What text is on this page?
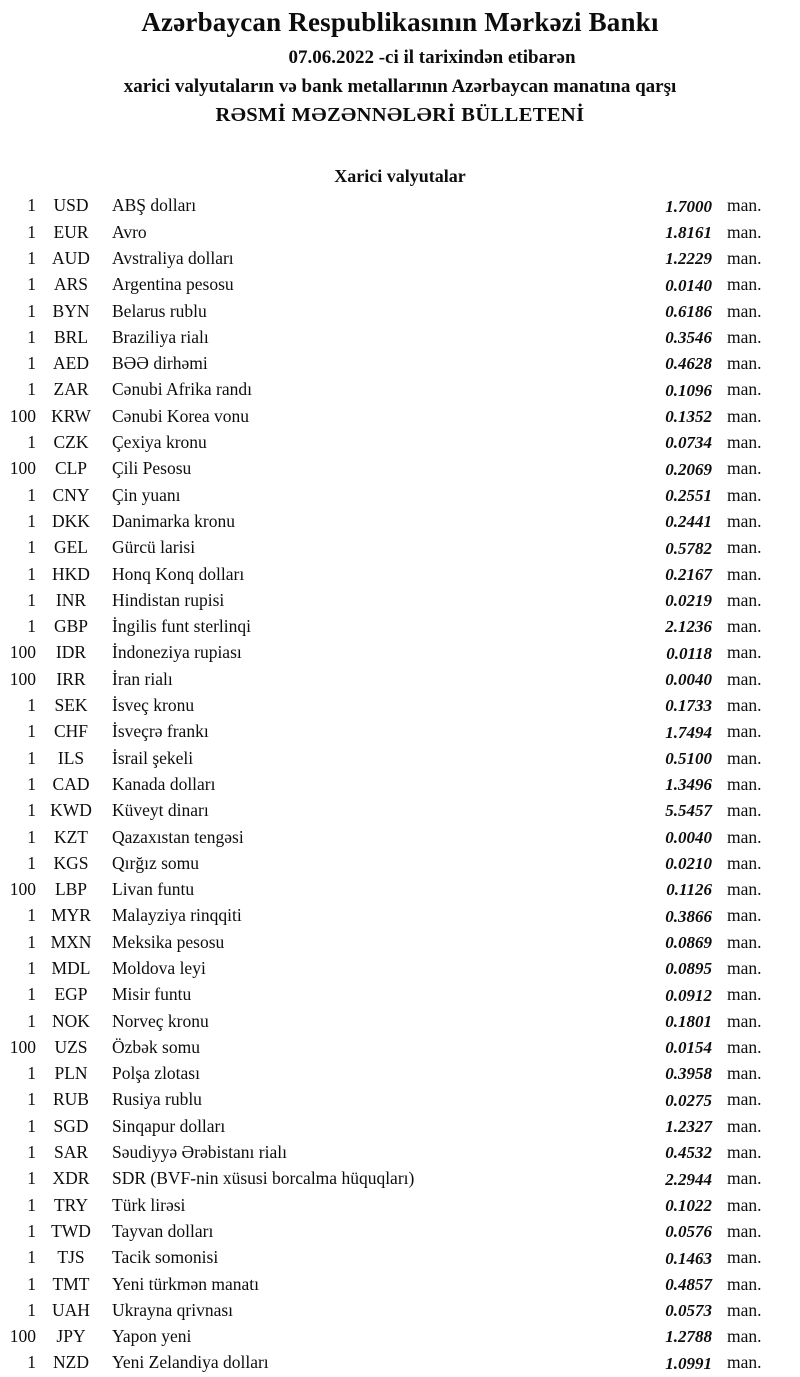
Azərbaycan Respublikasının Mərkəzi Bankı
07.06.2022 -ci il tarixindən etibarən
xarici valyutaların və bank metallarının Azərbaycan manatına qarşı
RƏSMİ MƏZƏNNƏLƏRİ BÜLLETENİ
Xarici valyutalar
1 USD	ABŞ dolları	1.7000 man.
1	EUR	Avro	1.8161 man.
1 AUD	Avstraliya dolları	1.2229 man.
1	ARS	Argentina pesosu	0.0140 man.
1 BYN	Belarus rublu	0.6186 man.
1	BRL	Braziliya rialı	0.3546 man.
1 AED	BƏƏ dirhəmi	0.4628 man.
1	ZAR	Cənubi Afrika randı	0.1096 man.
100 KRW	Cənubi Korea vonu	0.1352 man.
1	CZK	Çexiya kronu	0.0734 man.
100	CLP	Çili Pesosu	0.2069 man.
1 CNY	Çin yuanı	0.2551 man.
1 DKK	Danimarka kronu	0.2441 man.
1	GEL	Gürcü larisi	0.5782 man.
1 HKD	Honq Konq dolları	0.2167 man.
1	INR	Hindistan rupisi	0.0219 man.
1	GBP	İngilis funt sterlinqi	2.1236 man.
100	IDR	İndoneziya rupiası	0.0118 man.
100	IRR	İran rialı	0.0040 man.
1	SEK	İsveç kronu	0.1733 man.
1	CHF	İsveçrə frankı	1.7494 man.
1	ILS	İsrail şekeli	0.5100 man.
1 CAD	Kanada dolları	1.3496 man.
1 KWD	Küveyt dinarı	5.5457 man.
1	KZT	Qazaxıstan tengəsi	0.0040 man.
1 KGS	Qırğız somu	0.0210 man.
100	LBP	Livan funtu	0.1126 man.
1 MYR	Malayziya rinqqiti	0.3866 man.
1 MXN	Meksika pesosu	0.0869 man.
1 MDL	Moldova leyi	0.0895 man.
1	EGP	Misir funtu	0.0912 man.
1 NOK	Norveç kronu	0.1801 man.
100	UZS	Özbək somu	0.0154 man.
1	PLN	Polşa zlotası	0.3958 man.
1 RUB	Rusiya rublu	0.0275 man.
1 SGD	Sinqapur dolları	1.2327 man.
1	SAR	Səudiyyə Ərəbistanı rialı	0.4532 man.
1 XDR	SDR (BVF-nin xüsusi borcalma hüquqları)	2.2944 man.
1	TRY	Türk lirəsi	0.1022 man.
1 TWD	Tayvan dolları	0.0576 man.
1	TJS	Tacik somonisi	0.1463 man.
1 TMT	Yeni türkmən manatı	0.4857 man.
1 UAH	Ukrayna qrivnası	0.0573 man.
100	JPY	Yapon yeni	1.2788 man.
1 NZD	Yeni Zelandiya dolları	1.0991 man.
